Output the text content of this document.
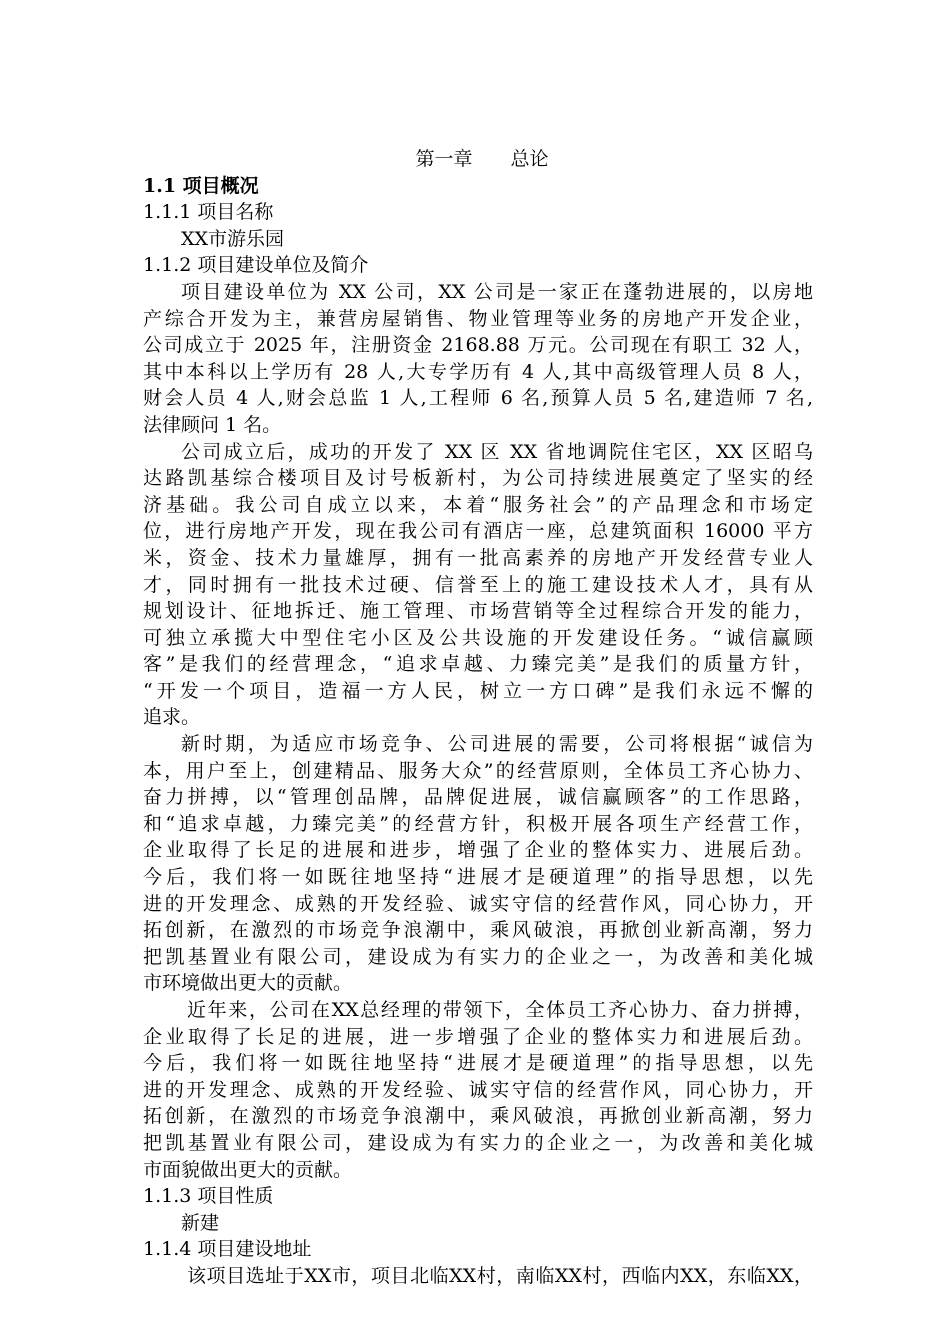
第一章 总论
1.1 项目概况
1.1.1 项目名称
XX市游乐园
1.1.2 项目建设单位及简介
项目建设单位为 XX 公司，XX 公司是一家正在蓬勃进展的，以房地
产综合开发为主，兼营房屋销售、物业管理等业务的房地产开发企业，
公司成立于 2025 年，注册资金 2168.88 万元。公司现在有职工 32 人，
其中本科以上学历有 28 人,大专学历有 4 人,其中高级管理人员 8 人，
财会人员 4 人,财会总监 1 人,工程师 6 名,预算人员 5 名,建造师 7 名,
法律顾问 1 名。
公司成立后，成功的开发了 XX 区 XX 省地调院住宅区，XX 区昭乌
达路凯基综合楼项目及讨号板新村，为公司持续进展奠定了坚实的经
济基础。我公司自成立以来，本着“服务社会”的产品理念和市场定
位，进行房地产开发，现在我公司有酒店一座，总建筑面积 16000 平方
米，资金、技术力量雄厚，拥有一批高素养的房地产开发经营专业人
才，同时拥有一批技术过硬、信誉至上的施工建设技术人才，具有从
规划设计、征地拆迁、施工管理、市场营销等全过程综合开发的能力，
可独立承揽大中型住宅小区及公共设施的开发建设任务。“诚信赢顾
客”是我们的经营理念，“追求卓越、力臻完美”是我们的质量方针，
“开发一个项目，造福一方人民，树立一方口碑”是我们永远不懈的
追求。
新时期，为适应市场竞争、公司进展的需要，公司将根据“诚信为
本，用户至上，创建精品、服务大众”的经营原则，全体员工齐心协力、
奋力拼搏，以“管理创品牌，品牌促进展，诚信赢顾客”的工作思路，
和“追求卓越，力臻完美”的经营方针，积极开展各项生产经营工作，
企业取得了长足的进展和进步，增强了企业的整体实力、进展后劲。
今后，我们将一如既往地坚持“进展才是硬道理”的指导思想，以先
进的开发理念、成熟的开发经验、诚实守信的经营作风，同心协力，开
拓创新，在激烈的市场竞争浪潮中，乘风破浪，再掀创业新高潮，努力
把凯基置业有限公司，建设成为有实力的企业之一，为改善和美化城
市环境做出更大的贡献。
近年来，公司在XX总经理的带领下，全体员工齐心协力、奋力拼搏，
企业取得了长足的进展，进一步增强了企业的整体实力和进展后劲。
今后，我们将一如既往地坚持“进展才是硬道理”的指导思想，以先
进的开发理念、成熟的开发经验、诚实守信的经营作风，同心协力，开
拓创新，在激烈的市场竞争浪潮中，乘风破浪，再掀创业新高潮，努力
把凯基置业有限公司，建设成为有实力的企业之一，为改善和美化城
市面貌做出更大的贡献。
1.1.3 项目性质
新建
1.1.4 项目建设地址
该项目选址于XX市，项目北临XX村，南临XX村，西临内XX，东临XX，
